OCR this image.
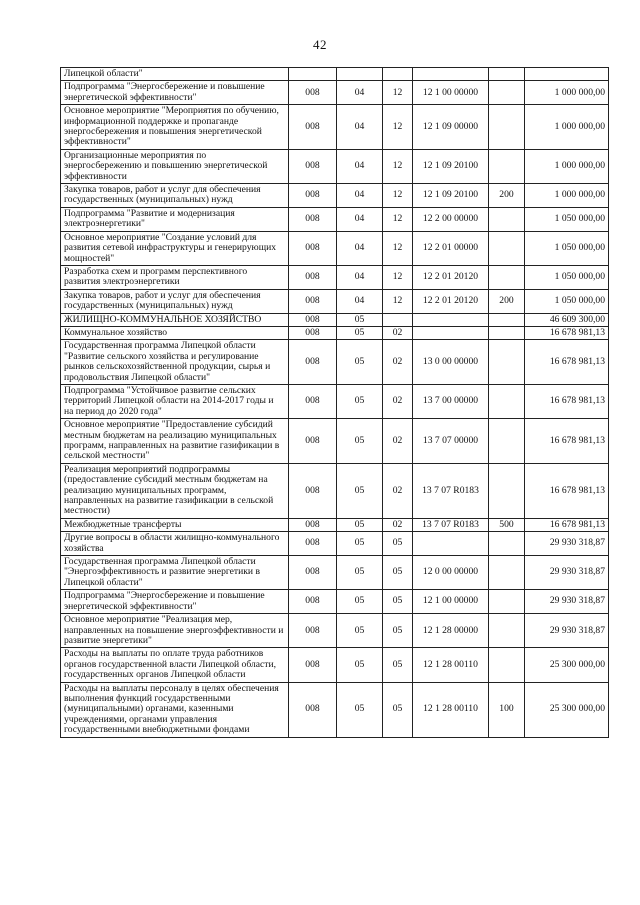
42
Липецкой области"						
Подпрограмма "Энергосбережение и повышение энергетической эффективности"	008	04	12	12 1 00 00000		1 000 000,00
Основное мероприятие "Мероприятия по обучению, информационной поддержке и пропаганде энергосбережения и повышения энергетической эффективности"	008	04	12	12 1 09 00000		1 000 000,00
Организационные мероприятия по энергосбережению и повышению энергетической эффективности	008	04	12	12 1 09 20100		1 000 000,00
Закупка товаров, работ и услуг для обеспечения государственных (муниципальных) нужд	008	04	12	12 1 09 20100	200	1 000 000,00
Подпрограмма "Развитие и модернизация электроэнергетики"	008	04	12	12 2 00 00000		1 050 000,00
Основное мероприятие "Создание условий для развития сетевой инфраструктуры и генерирующих мощностей"	008	04	12	12 2 01 00000		1 050 000,00
Разработка схем и программ перспективного развития электроэнергетики	008	04	12	12 2 01 20120		1 050 000,00
Закупка товаров, работ и услуг для обеспечения государственных (муниципальных) нужд	008	04	12	12 2 01 20120	200	1 050 000,00
ЖИЛИЩНО-КОММУНАЛЬНОЕ ХОЗЯЙСТВО	008	05				46 609 300,00
Коммунальное хозяйство	008	05	02			16 678 981,13
Государственная программа Липецкой области "Развитие сельского хозяйства и регулирование рынков сельскохозяйственной продукции, сырья и продовольствия Липецкой области"	008	05	02	13 0 00 00000		16 678 981,13
Подпрограмма "Устойчивое развитие сельских территорий Липецкой области на 2014-2017 годы и на период до 2020 года"	008	05	02	13 7 00 00000		16 678 981,13
Основное мероприятие "Предоставление субсидий местным бюджетам на реализацию муниципальных программ, направленных на развитие газификации в сельской местности"	008	05	02	13 7 07 00000		16 678 981,13
Реализация мероприятий подпрограммы (предоставление субсидий местным бюджетам на реализацию муниципальных программ, направленных на развитие газификации в сельской местности)	008	05	02	13 7 07 R0183		16 678 981,13
Межбюджетные трансферты	008	05	02	13 7 07 R0183	500	16 678 981,13
Другие вопросы в области жилищно-коммунального хозяйства	008	05	05			29 930 318,87
Государственная программа Липецкой области "Энергоэффективность и развитие энергетики в Липецкой области"	008	05	05	12 0 00 00000		29 930 318,87
Подпрограмма "Энергосбережение и повышение энергетической эффективности"	008	05	05	12 1 00 00000		29 930 318,87
Основное мероприятие "Реализация мер, направленных на повышение энергоэффективности и развитие энергетики"	008	05	05	12 1 28 00000		29 930 318,87
Расходы на выплаты по оплате труда работников органов государственной власти Липецкой области, государственных органов Липецкой области	008	05	05	12 1 28 00110		25 300 000,00
Расходы на выплаты персоналу в целях обеспечения выполнения функций государственными (муниципальными) органами, казенными учреждениями, органами управления государственными внебюджетными фондами	008	05	05	12 1 28 00110	100	25 300 000,00
